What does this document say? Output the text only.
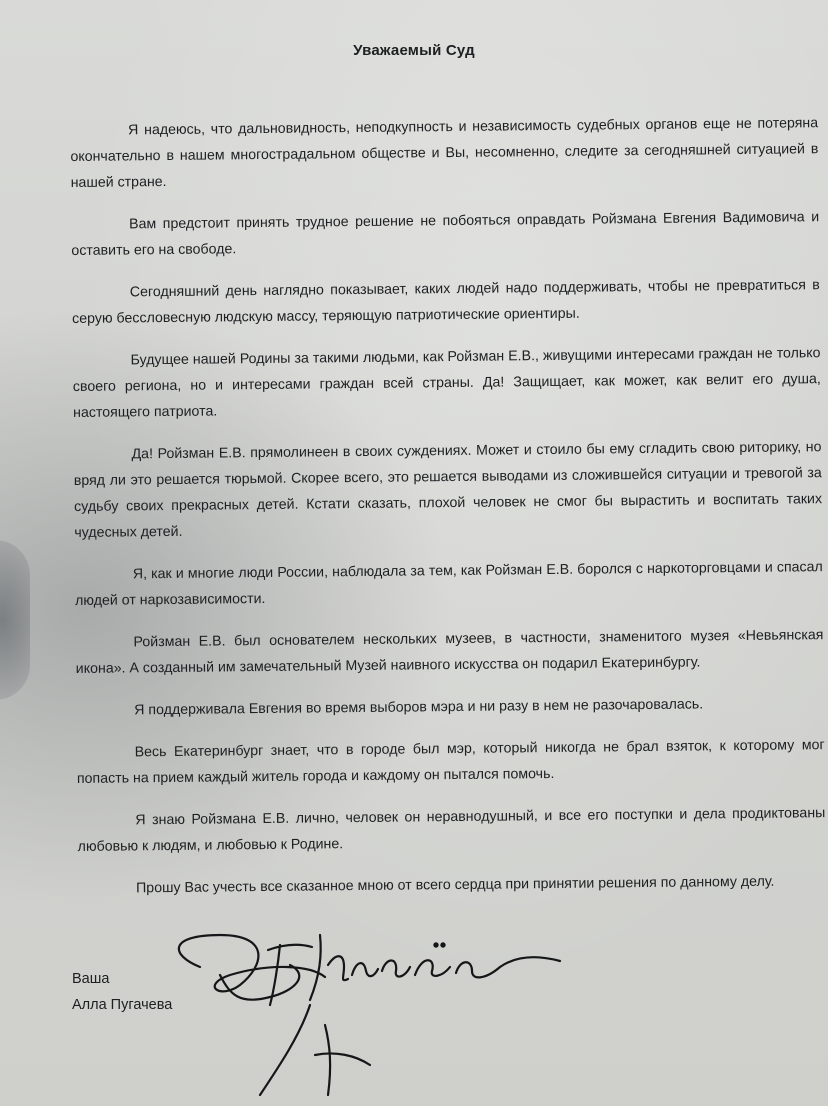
Уважаемый Суд

Я надеюсь, что дальновидность, неподкупность и независимость судебных органов еще не потеряна окончательно в нашем многострадальном обществе и Вы, несомненно, следите за сегодняшней ситуацией в нашей стране.

Вам предстоит принять трудное решение не побояться оправдать Ройзмана Евгения Вадимовича и оставить его на свободе.

Сегодняшний день наглядно показывает, каких людей надо поддерживать, чтобы не превратиться в серую бессловесную людскую массу, теряющую патриотические ориентиры.

Будущее нашей Родины за такими людьми, как Ройзман Е.В., живущими интересами граждан не только своего региона, но и интересами граждан всей страны. Да! Защищает, как может, как велит его душа, настоящего патриота.

Да! Ройзман Е.В. прямолинеен в своих суждениях. Может и стоило бы ему сгладить свою риторику, но вряд ли это решается тюрьмой. Скорее всего, это решается выводами из сложившейся ситуации и тревогой за судьбу своих прекрасных детей. Кстати сказать, плохой человек не смог бы вырастить и воспитать таких чудесных детей.

Я, как и многие люди России, наблюдала за тем, как Ройзман Е.В. боролся с наркоторговцами и спасал людей от наркозависимости.

Ройзман Е.В. был основателем нескольких музеев, в частности, знаменитого музея «Невьянская икона». А созданный им замечательный Музей наивного искусства он подарил Екатеринбургу.

Я поддерживала Евгения во время выборов мэра и ни разу в нем не разочаровалась.

Весь Екатеринбург знает, что в городе был мэр, который никогда не брал взяток, к которому мог попасть на прием каждый житель города и каждому он пытался помочь.

Я знаю Ройзмана Е.В. лично, человек он неравнодушный, и все его поступки и дела продиктованы любовью к людям, и любовью к Родине.

Прошу Вас учесть все сказанное мною от всего сердца при принятии решения по данному делу.

Ваша
Алла Пугачева
